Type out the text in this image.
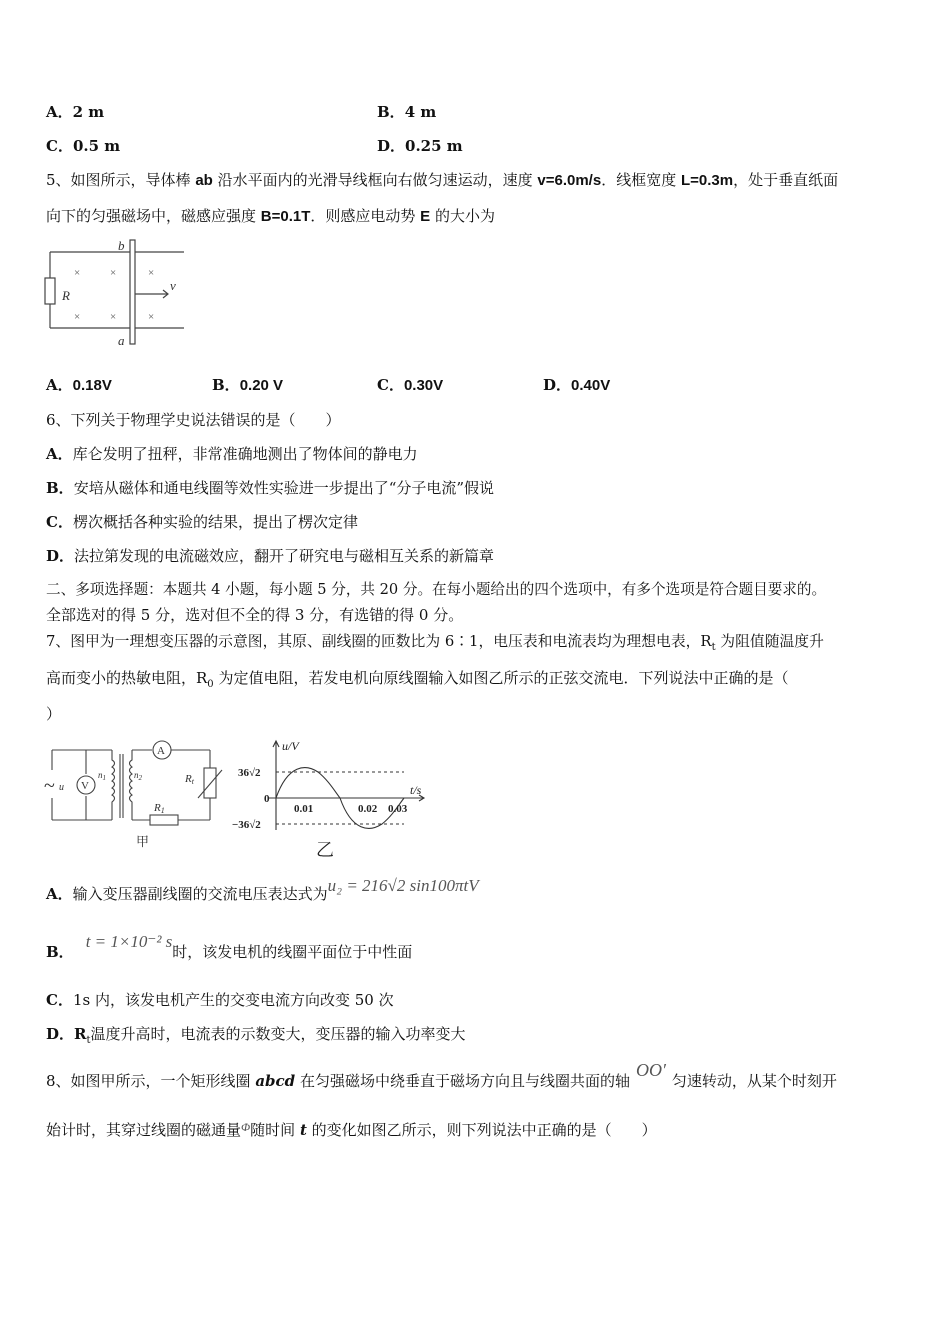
A．2 m	B．4 m
C．0.5 m	D．0.25 m
5、如图所示，导体棒 ab 沿水平面内的光滑导线框向右做匀速运动，速度 v=6.0m/s．线框宽度 L=0.3m，处于垂直纸面
向下的匀强磁场中，磁感应强度 B=0.1T．则感应电动势 E 的大小为
b
a
R
v
×	×	×
×	×	×
A．0.18V	B．0.20 V	C．0.30V	D．0.40V
6、下列关于物理学史说法错误的是（　　）
A．库仑发明了扭秤，非常准确地测出了物体间的静电力
B．安培从磁体和通电线圈等效性实验进一步提出了“分子电流”假说
C．楞次概括各种实验的结果，提出了楞次定律
D．法拉第发现的电流磁效应，翻开了研究电与磁相互关系的新篇章
二、多项选择题：本题共 4 小题，每小题 5 分，共 20 分。在每小题给出的四个选项中，有多个选项是符合题目要求的。
全部选对的得 5 分，选对但不全的得 3 分，有选错的得 0 分。
7、图甲为一理想变压器的示意图，其原、副线圈的匝数比为 6∶1，电压表和电流表均为理想电表，$R_t$ 为阻值随温度升
高而变小的热敏电阻，$R_0$ 为定值电阻，若发电机向原线圈输入如图乙所示的正弦交流电．下列说法中正确的是（
）
~ u V
A
$n_1$	$n_2$	Rt
R1
甲
u/V
t/s
36√2
−36√2
0
0.01	0.02 0.03
乙
A．输入变压器副线圈的交流电压表达式为u₂ = 216√2 sin100πtV
B．t = 1×10⁻² s时，该发电机的线圈平面位于中性面
C．1s 内，该发电机产生的交变电流方向改变 50 次
D．$R_t$温度升高时，电流表的示数变大，变压器的输入功率变大
8、如图甲所示，一个矩形线圈 abcd 在匀强磁场中绕垂直于磁场方向且与线圈共面的轴OO′匀速转动，从某个时刻开
始计时，其穿过线圈的磁通量$^\Phi$随时间 t 的变化如图乙所示，则下列说法中正确的是（　　）
